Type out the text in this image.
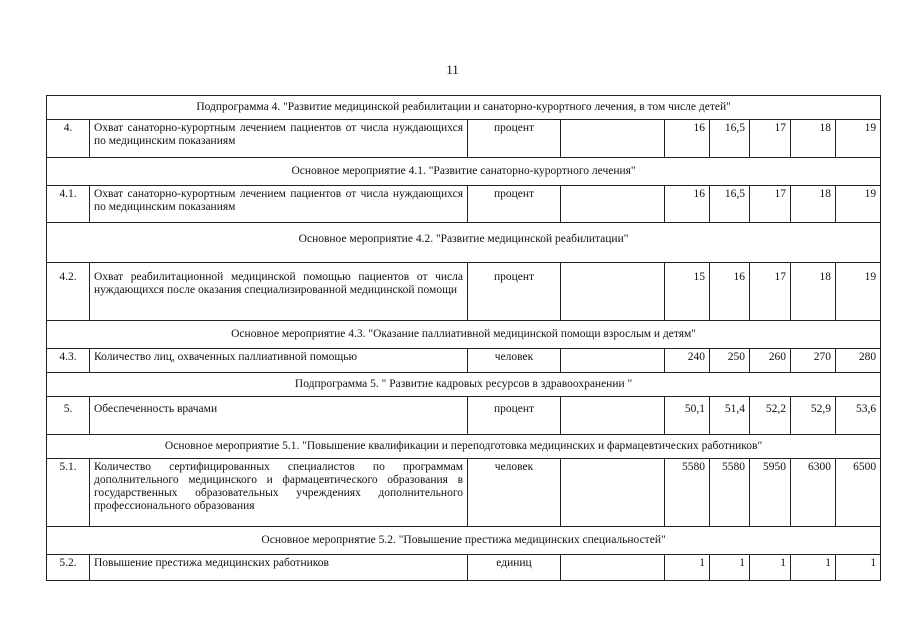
11
Подпрограмма 4. "Развитие медицинской реабилитации и санаторно-курортного лечения, в том числе детей"								
4.	Охват санаторно-курортным лечением пациентов от числа нуждающихся по медицинским показаниям	процент		16	16,5	17	18	19
Основное мероприятие 4.1. "Развитие санаторно-курортного лечения"								
4.1.	Охват санаторно-курортным лечением пациентов от числа нуждающихся по медицинским показаниям	процент		16	16,5	17	18	19
Основное мероприятие 4.2. "Развитие медицинской реабилитации"								
4.2.	Охват реабилитационной медицинской помощью пациентов от числа нуждающихся после оказания специализированной медицинской помощи	процент		15	16	17	18	19
Основное мероприятие 4.3. "Оказание паллиативной медицинской помощи взрослым и детям"								
4.3.	Количество лиц, охваченных паллиативной помощью	человек		240	250	260	270	280
Подпрограмма 5. " Развитие кадровых ресурсов в здравоохранении "								
5.	Обеспеченность врачами	процент		50,1	51,4	52,2	52,9	53,6
Основное мероприятие 5.1. "Повышение квалификации и переподготовка медицинских и фармацевтических работников"								
5.1.	Количество сертифицированных специалистов по программам дополнительного медицинского и фармацевтического образования в государственных образовательных учреждениях дополнительного профессионального образования	человек		5580	5580	5950	6300	6500
Основное мероприятие 5.2. "Повышение престижа медицинских специальностей"								
5.2.	Повышение престижа медицинских работников	единиц		1	1	1	1	1
